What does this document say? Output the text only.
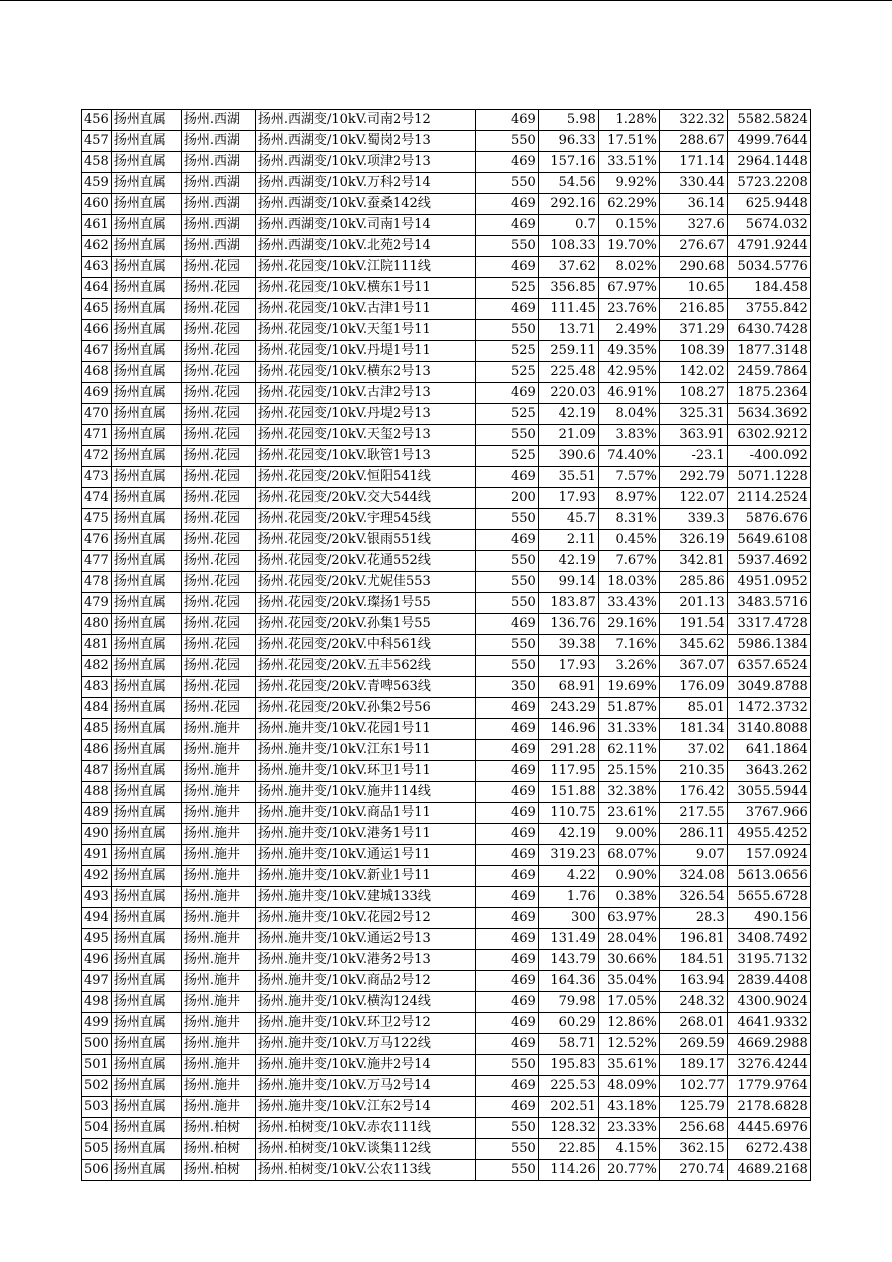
456	扬州直属	扬州.西湖	扬州.西湖变/10kV.司南2号12	469	5.98	1.28%	322.32	5582.5824
457	扬州直属	扬州.西湖	扬州.西湖变/10kV.蜀岗2号13	550	96.33	17.51%	288.67	4999.7644
458	扬州直属	扬州.西湖	扬州.西湖变/10kV.项津2号13	469	157.16	33.51%	171.14	2964.1448
459	扬州直属	扬州.西湖	扬州.西湖变/10kV.万科2号14	550	54.56	9.92%	330.44	5723.2208
460	扬州直属	扬州.西湖	扬州.西湖变/10kV.蚕桑142线	469	292.16	62.29%	36.14	625.9448
461	扬州直属	扬州.西湖	扬州.西湖变/10kV.司南1号14	469	0.7	0.15%	327.6	5674.032
462	扬州直属	扬州.西湖	扬州.西湖变/10kV.北苑2号14	550	108.33	19.70%	276.67	4791.9244
463	扬州直属	扬州.花园	扬州.花园变/10kV.江院111线	469	37.62	8.02%	290.68	5034.5776
464	扬州直属	扬州.花园	扬州.花园变/10kV.横东1号11	525	356.85	67.97%	10.65	184.458
465	扬州直属	扬州.花园	扬州.花园变/10kV.古津1号11	469	111.45	23.76%	216.85	3755.842
466	扬州直属	扬州.花园	扬州.花园变/10kV.天玺1号11	550	13.71	2.49%	371.29	6430.7428
467	扬州直属	扬州.花园	扬州.花园变/10kV.丹堤1号11	525	259.11	49.35%	108.39	1877.3148
468	扬州直属	扬州.花园	扬州.花园变/10kV.横东2号13	525	225.48	42.95%	142.02	2459.7864
469	扬州直属	扬州.花园	扬州.花园变/10kV.古津2号13	469	220.03	46.91%	108.27	1875.2364
470	扬州直属	扬州.花园	扬州.花园变/10kV.丹堤2号13	525	42.19	8.04%	325.31	5634.3692
471	扬州直属	扬州.花园	扬州.花园变/10kV.天玺2号13	550	21.09	3.83%	363.91	6302.9212
472	扬州直属	扬州.花园	扬州.花园变/10kV.耿管1号13	525	390.6	74.40%	-23.1	-400.092
473	扬州直属	扬州.花园	扬州.花园变/20kV.恒阳541线	469	35.51	7.57%	292.79	5071.1228
474	扬州直属	扬州.花园	扬州.花园变/20kV.交大544线	200	17.93	8.97%	122.07	2114.2524
475	扬州直属	扬州.花园	扬州.花园变/20kV.宇理545线	550	45.7	8.31%	339.3	5876.676
476	扬州直属	扬州.花园	扬州.花园变/20kV.银雨551线	469	2.11	0.45%	326.19	5649.6108
477	扬州直属	扬州.花园	扬州.花园变/20kV.花通552线	550	42.19	7.67%	342.81	5937.4692
478	扬州直属	扬州.花园	扬州.花园变/20kV.尤妮佳553	550	99.14	18.03%	285.86	4951.0952
479	扬州直属	扬州.花园	扬州.花园变/20kV.璨扬1号55	550	183.87	33.43%	201.13	3483.5716
480	扬州直属	扬州.花园	扬州.花园变/20kV.孙集1号55	469	136.76	29.16%	191.54	3317.4728
481	扬州直属	扬州.花园	扬州.花园变/20kV.中科561线	550	39.38	7.16%	345.62	5986.1384
482	扬州直属	扬州.花园	扬州.花园变/20kV.五丰562线	550	17.93	3.26%	367.07	6357.6524
483	扬州直属	扬州.花园	扬州.花园变/20kV.青啤563线	350	68.91	19.69%	176.09	3049.8788
484	扬州直属	扬州.花园	扬州.花园变/20kV.孙集2号56	469	243.29	51.87%	85.01	1472.3732
485	扬州直属	扬州.施井	扬州.施井变/10kV.花园1号11	469	146.96	31.33%	181.34	3140.8088
486	扬州直属	扬州.施井	扬州.施井变/10kV.江东1号11	469	291.28	62.11%	37.02	641.1864
487	扬州直属	扬州.施井	扬州.施井变/10kV.环卫1号11	469	117.95	25.15%	210.35	3643.262
488	扬州直属	扬州.施井	扬州.施井变/10kV.施井114线	469	151.88	32.38%	176.42	3055.5944
489	扬州直属	扬州.施井	扬州.施井变/10kV.商品1号11	469	110.75	23.61%	217.55	3767.966
490	扬州直属	扬州.施井	扬州.施井变/10kV.港务1号11	469	42.19	9.00%	286.11	4955.4252
491	扬州直属	扬州.施井	扬州.施井变/10kV.通运1号11	469	319.23	68.07%	9.07	157.0924
492	扬州直属	扬州.施井	扬州.施井变/10kV.新业1号11	469	4.22	0.90%	324.08	5613.0656
493	扬州直属	扬州.施井	扬州.施井变/10kV.建城133线	469	1.76	0.38%	326.54	5655.6728
494	扬州直属	扬州.施井	扬州.施井变/10kV.花园2号12	469	300	63.97%	28.3	490.156
495	扬州直属	扬州.施井	扬州.施井变/10kV.通运2号13	469	131.49	28.04%	196.81	3408.7492
496	扬州直属	扬州.施井	扬州.施井变/10kV.港务2号13	469	143.79	30.66%	184.51	3195.7132
497	扬州直属	扬州.施井	扬州.施井变/10kV.商品2号12	469	164.36	35.04%	163.94	2839.4408
498	扬州直属	扬州.施井	扬州.施井变/10kV.横沟124线	469	79.98	17.05%	248.32	4300.9024
499	扬州直属	扬州.施井	扬州.施井变/10kV.环卫2号12	469	60.29	12.86%	268.01	4641.9332
500	扬州直属	扬州.施井	扬州.施井变/10kV.万马122线	469	58.71	12.52%	269.59	4669.2988
501	扬州直属	扬州.施井	扬州.施井变/10kV.施井2号14	550	195.83	35.61%	189.17	3276.4244
502	扬州直属	扬州.施井	扬州.施井变/10kV.万马2号14	469	225.53	48.09%	102.77	1779.9764
503	扬州直属	扬州.施井	扬州.施井变/10kV.江东2号14	469	202.51	43.18%	125.79	2178.6828
504	扬州直属	扬州.柏树	扬州.柏树变/10kV.赤农111线	550	128.32	23.33%	256.68	4445.6976
505	扬州直属	扬州.柏树	扬州.柏树变/10kV.谈集112线	550	22.85	4.15%	362.15	6272.438
506	扬州直属	扬州.柏树	扬州.柏树变/10kV.公农113线	550	114.26	20.77%	270.74	4689.2168
